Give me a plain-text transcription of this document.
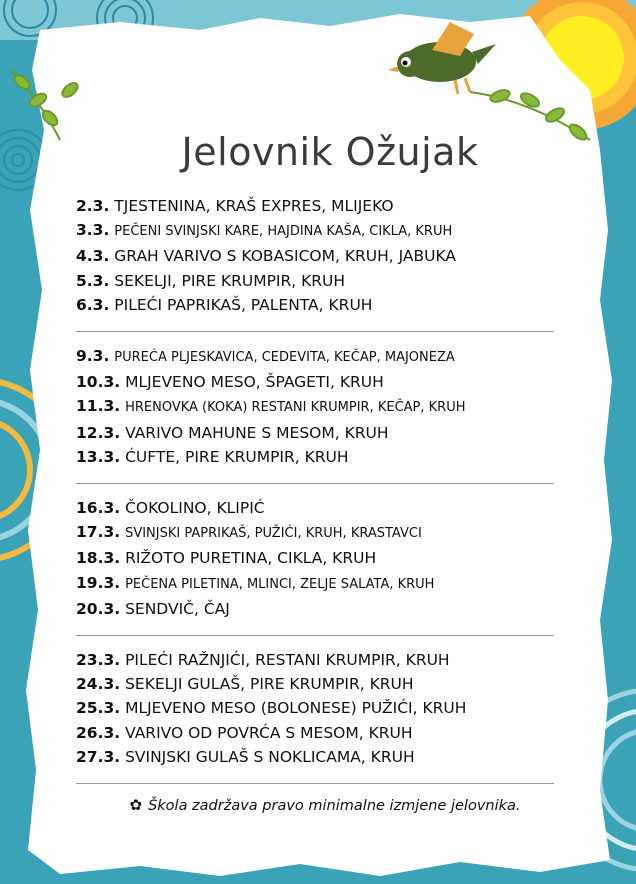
Jelovnik Ožujak
2.3. TJESTENINA, KRAŠ EXPRES, MLIJEKO
3.3. PEČENI SVINJSKI KARE, HAJDINA KAŠA, CIKLA, KRUH
4.3. GRAH VARIVO S KOBASICOM, KRUH, JABUKA
5.3. SEKELJI, PIRE KRUMPIR, KRUH
6.3. PILEĆI PAPRIKAŠ, PALENTA, KRUH
9.3. PUREĆA PLJESKAVICA, CEDEVITA, KEČAP, MAJONEZA
10.3. MLJEVENO MESO, ŠPAGETI, KRUH
11.3. HRENOVKA (KOKA) RESTANI KRUMPIR, KEČAP, KRUH
12.3. VARIVO MAHUNE S MESOM, KRUH
13.3. ĆUFTE, PIRE KRUMPIR, KRUH
16.3. ČOKOLINO, KLIPIĆ
17.3. SVINJSKI PAPRIKAŠ, PUŽIĆI, KRUH, KRASTAVCI
18.3. RIŽOTO PURETINA, CIKLA, KRUH
19.3. PEČENA PILETINA, MLINCI, ZELJE SALATA, KRUH
20.3. SENDVIČ, ČAJ
23.3. PILEĆI RAŽNJIĆI, RESTANI KRUMPIR, KRUH
24.3. SEKELJI GULAŠ, PIRE KRUMPIR, KRUH
25.3. MLJEVENO MESO (BOLONESE) PUŽIĆI, KRUH
26.3. VARIVO OD POVRĆA S MESOM, KRUH
27.3. SVINJSKI GULAŠ S NOKLICAMA, KRUH
✿ Škola zadržava pravo minimalne izmjene jelovnika.
